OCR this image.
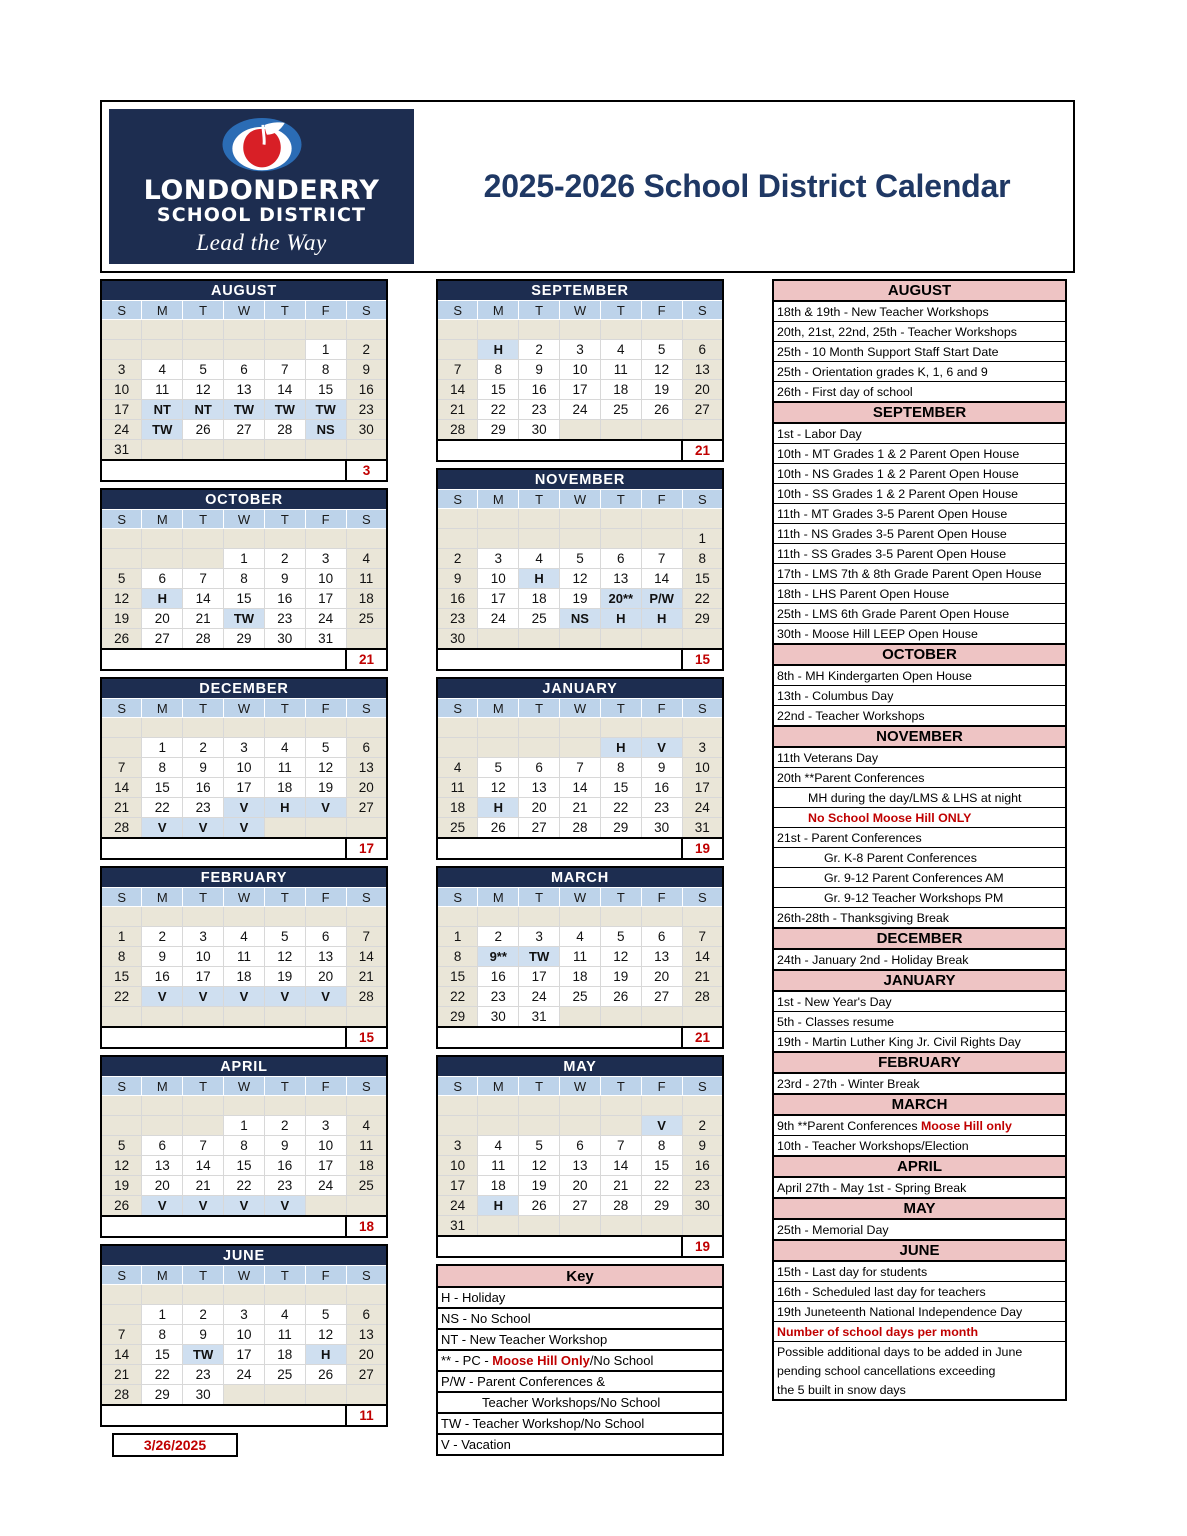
LONDONDERRY
SCHOOL DISTRICT
Lead the Way
2025-2026 School District Calendar
AUGUST						
S	M	T	W	T	F	S

					1	2
3	4	5	6	7	8	9
10	11	12	13	14	15	16
17	NT	NT	TW	TW	TW	23
24	TW	26	27	28	NS	30
31						
						3
OCTOBER						
S	M	T	W	T	F	S

			1	2	3	4
5	6	7	8	9	10	11
12	H	14	15	16	17	18
19	20	21	TW	23	24	25
26	27	28	29	30	31	
						21
DECEMBER						
S	M	T	W	T	F	S

	1	2	3	4	5	6
7	8	9	10	11	12	13
14	15	16	17	18	19	20
21	22	23	V	H	V	27
28	V	V	V			
						17
FEBRUARY						
S	M	T	W	T	F	S

1	2	3	4	5	6	7
8	9	10	11	12	13	14
15	16	17	18	19	20	21
22	V	V	V	V	V	28

						15
APRIL						
S	M	T	W	T	F	S

			1	2	3	4
5	6	7	8	9	10	11
12	13	14	15	16	17	18
19	20	21	22	23	24	25
26	V	V	V	V		
						18
JUNE						
S	M	T	W	T	F	S

	1	2	3	4	5	6
7	8	9	10	11	12	13
14	15	TW	17	18	H	20
21	22	23	24	25	26	27
28	29	30				
						11
3/26/2025
SEPTEMBER						
S	M	T	W	T	F	S

	H	2	3	4	5	6
7	8	9	10	11	12	13
14	15	16	17	18	19	20
21	22	23	24	25	26	27
28	29	30				
						21
NOVEMBER						
S	M	T	W	T	F	S

						1
2	3	4	5	6	7	8
9	10	H	12	13	14	15
16	17	18	19	20**	P/W	22
23	24	25	NS	H	H	29
30						
						15
JANUARY						
S	M	T	W	T	F	S

				H	V	3
4	5	6	7	8	9	10
11	12	13	14	15	16	17
18	H	20	21	22	23	24
25	26	27	28	29	30	31
						19
MARCH						
S	M	T	W	T	F	S

1	2	3	4	5	6	7
8	9**	TW	11	12	13	14
15	16	17	18	19	20	21
22	23	24	25	26	27	28
29	30	31				
						21
MAY						
S	M	T	W	T	F	S

					V	2
3	4	5	6	7	8	9
10	11	12	13	14	15	16
17	18	19	20	21	22	23
24	H	26	27	28	29	30
31						
						19
Key
H - Holiday
NS - No School
NT - New Teacher Workshop
** - PC - Moose Hill Only/No School
P/W - Parent Conferences &
Teacher Workshops/No School
TW - Teacher Workshop/No School
V - Vacation
AUGUST
18th & 19th - New Teacher Workshops
20th, 21st, 22nd, 25th - Teacher Workshops
25th - 10 Month Support Staff Start Date
25th - Orientation grades K, 1, 6 and 9
26th - First day of school
SEPTEMBER
1st - Labor Day
10th - MT Grades 1 & 2 Parent Open House
10th - NS Grades 1 & 2 Parent Open House
10th - SS Grades 1 & 2 Parent Open House
11th - MT Grades 3-5 Parent Open House
11th - NS Grades 3-5 Parent Open House
11th - SS Grades 3-5 Parent Open House
17th - LMS 7th & 8th Grade Parent Open House
18th - LHS Parent Open House
25th - LMS 6th Grade Parent Open House
30th - Moose Hill LEEP Open House
OCTOBER
8th - MH Kindergarten Open House
13th - Columbus Day
22nd - Teacher Workshops
NOVEMBER
11th Veterans Day
20th **Parent Conferences
MH during the day/LMS & LHS at night
No School Moose Hill ONLY
21st - Parent Conferences
Gr. K-8 Parent Conferences
Gr. 9-12 Parent Conferences AM
Gr. 9-12 Teacher Workshops PM
26th-28th - Thanksgiving Break
DECEMBER
24th - January 2nd - Holiday Break
JANUARY
1st - New Year's Day
5th - Classes resume
19th - Martin Luther King Jr. Civil Rights Day
FEBRUARY
23rd - 27th - Winter Break
MARCH
9th **Parent Conferences Moose Hill only
10th - Teacher Workshops/Election
APRIL
April 27th - May 1st - Spring Break
MAY
25th - Memorial Day
JUNE
15th - Last day for students
16th - Scheduled last day for teachers
19th Juneteenth National Independence Day
Number of school days per month
Possible additional days to be added in June
pending school cancellations exceeding
the 5 built in snow days
